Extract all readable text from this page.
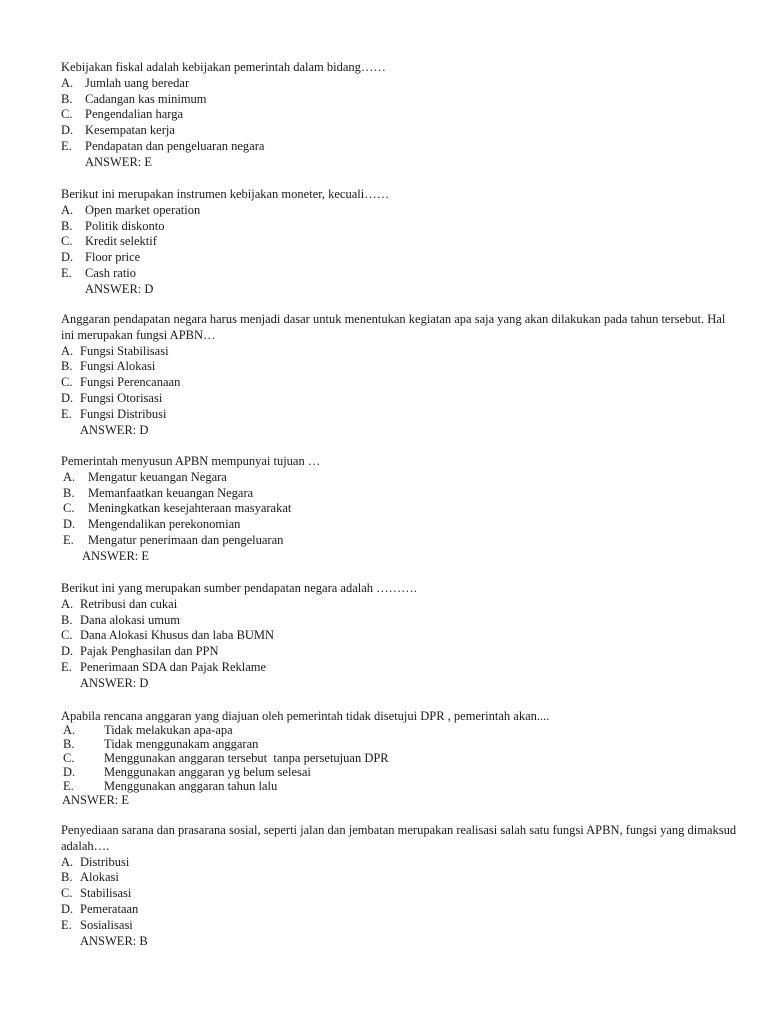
Kebijakan fiskal adalah kebijakan pemerintah dalam bidang……
A. Jumlah uang beredar
B.	Cadangan kas minimum
C.	Pengendalian harga
D. Kesempatan kerja
E.	Pendapatan dan pengeluaran negara
ANSWER: E
Berikut ini merupakan instrumen kebijakan moneter, kecuali……
A. Open market operation
B.	Politik diskonto
C.	Kredit selektif
D. Floor price
E.	Cash ratio
ANSWER: D
Anggaran pendapatan negara harus menjadi dasar untuk menentukan kegiatan apa saja yang akan dilakukan pada tahun tersebut. Hal ini merupakan fungsi APBN…
A. Fungsi Stabilisasi
B. Fungsi Alokasi
C. Fungsi Perencanaan
D. Fungsi Otorisasi
E. Fungsi Distribusi
ANSWER: D
Pemerintah menyusun APBN mempunyai tujuan …
A.	Mengatur keuangan Negara
B.	Memanfaatkan keuangan Negara
C.	Meningkatkan kesejahteraan masyarakat
D.	Mengendalikan perekonomian
E.	Mengatur penerimaan dan pengeluaran
ANSWER: E
Berikut ini yang merupakan sumber pendapatan negara adalah ……….
A. Retribusi dan cukai
B. Dana alokasi umum
C. Dana Alokasi Khusus dan laba BUMN
D. Pajak Penghasilan dan PPN
E. Penerimaan SDA dan Pajak Reklame
ANSWER: D
Apabila rencana anggaran yang diajuan oleh pemerintah tidak disetujui DPR , pemerintah akan....
A.	Tidak melakukan apa-apa
B.	Tidak menggunakam anggaran
C.	Menggunakan anggaran tersebut  tanpa persetujuan DPR
D.	Menggunakan anggaran yg belum selesai
E.	Menggunakan anggaran tahun lalu
ANSWER: E
Penyediaan sarana dan prasarana sosial, seperti jalan dan jembatan merupakan realisasi salah satu fungsi APBN, fungsi yang dimaksud adalah….
A. Distribusi
B. Alokasi
C. Stabilisasi
D. Pemerataan
E. Sosialisasi
ANSWER: B
